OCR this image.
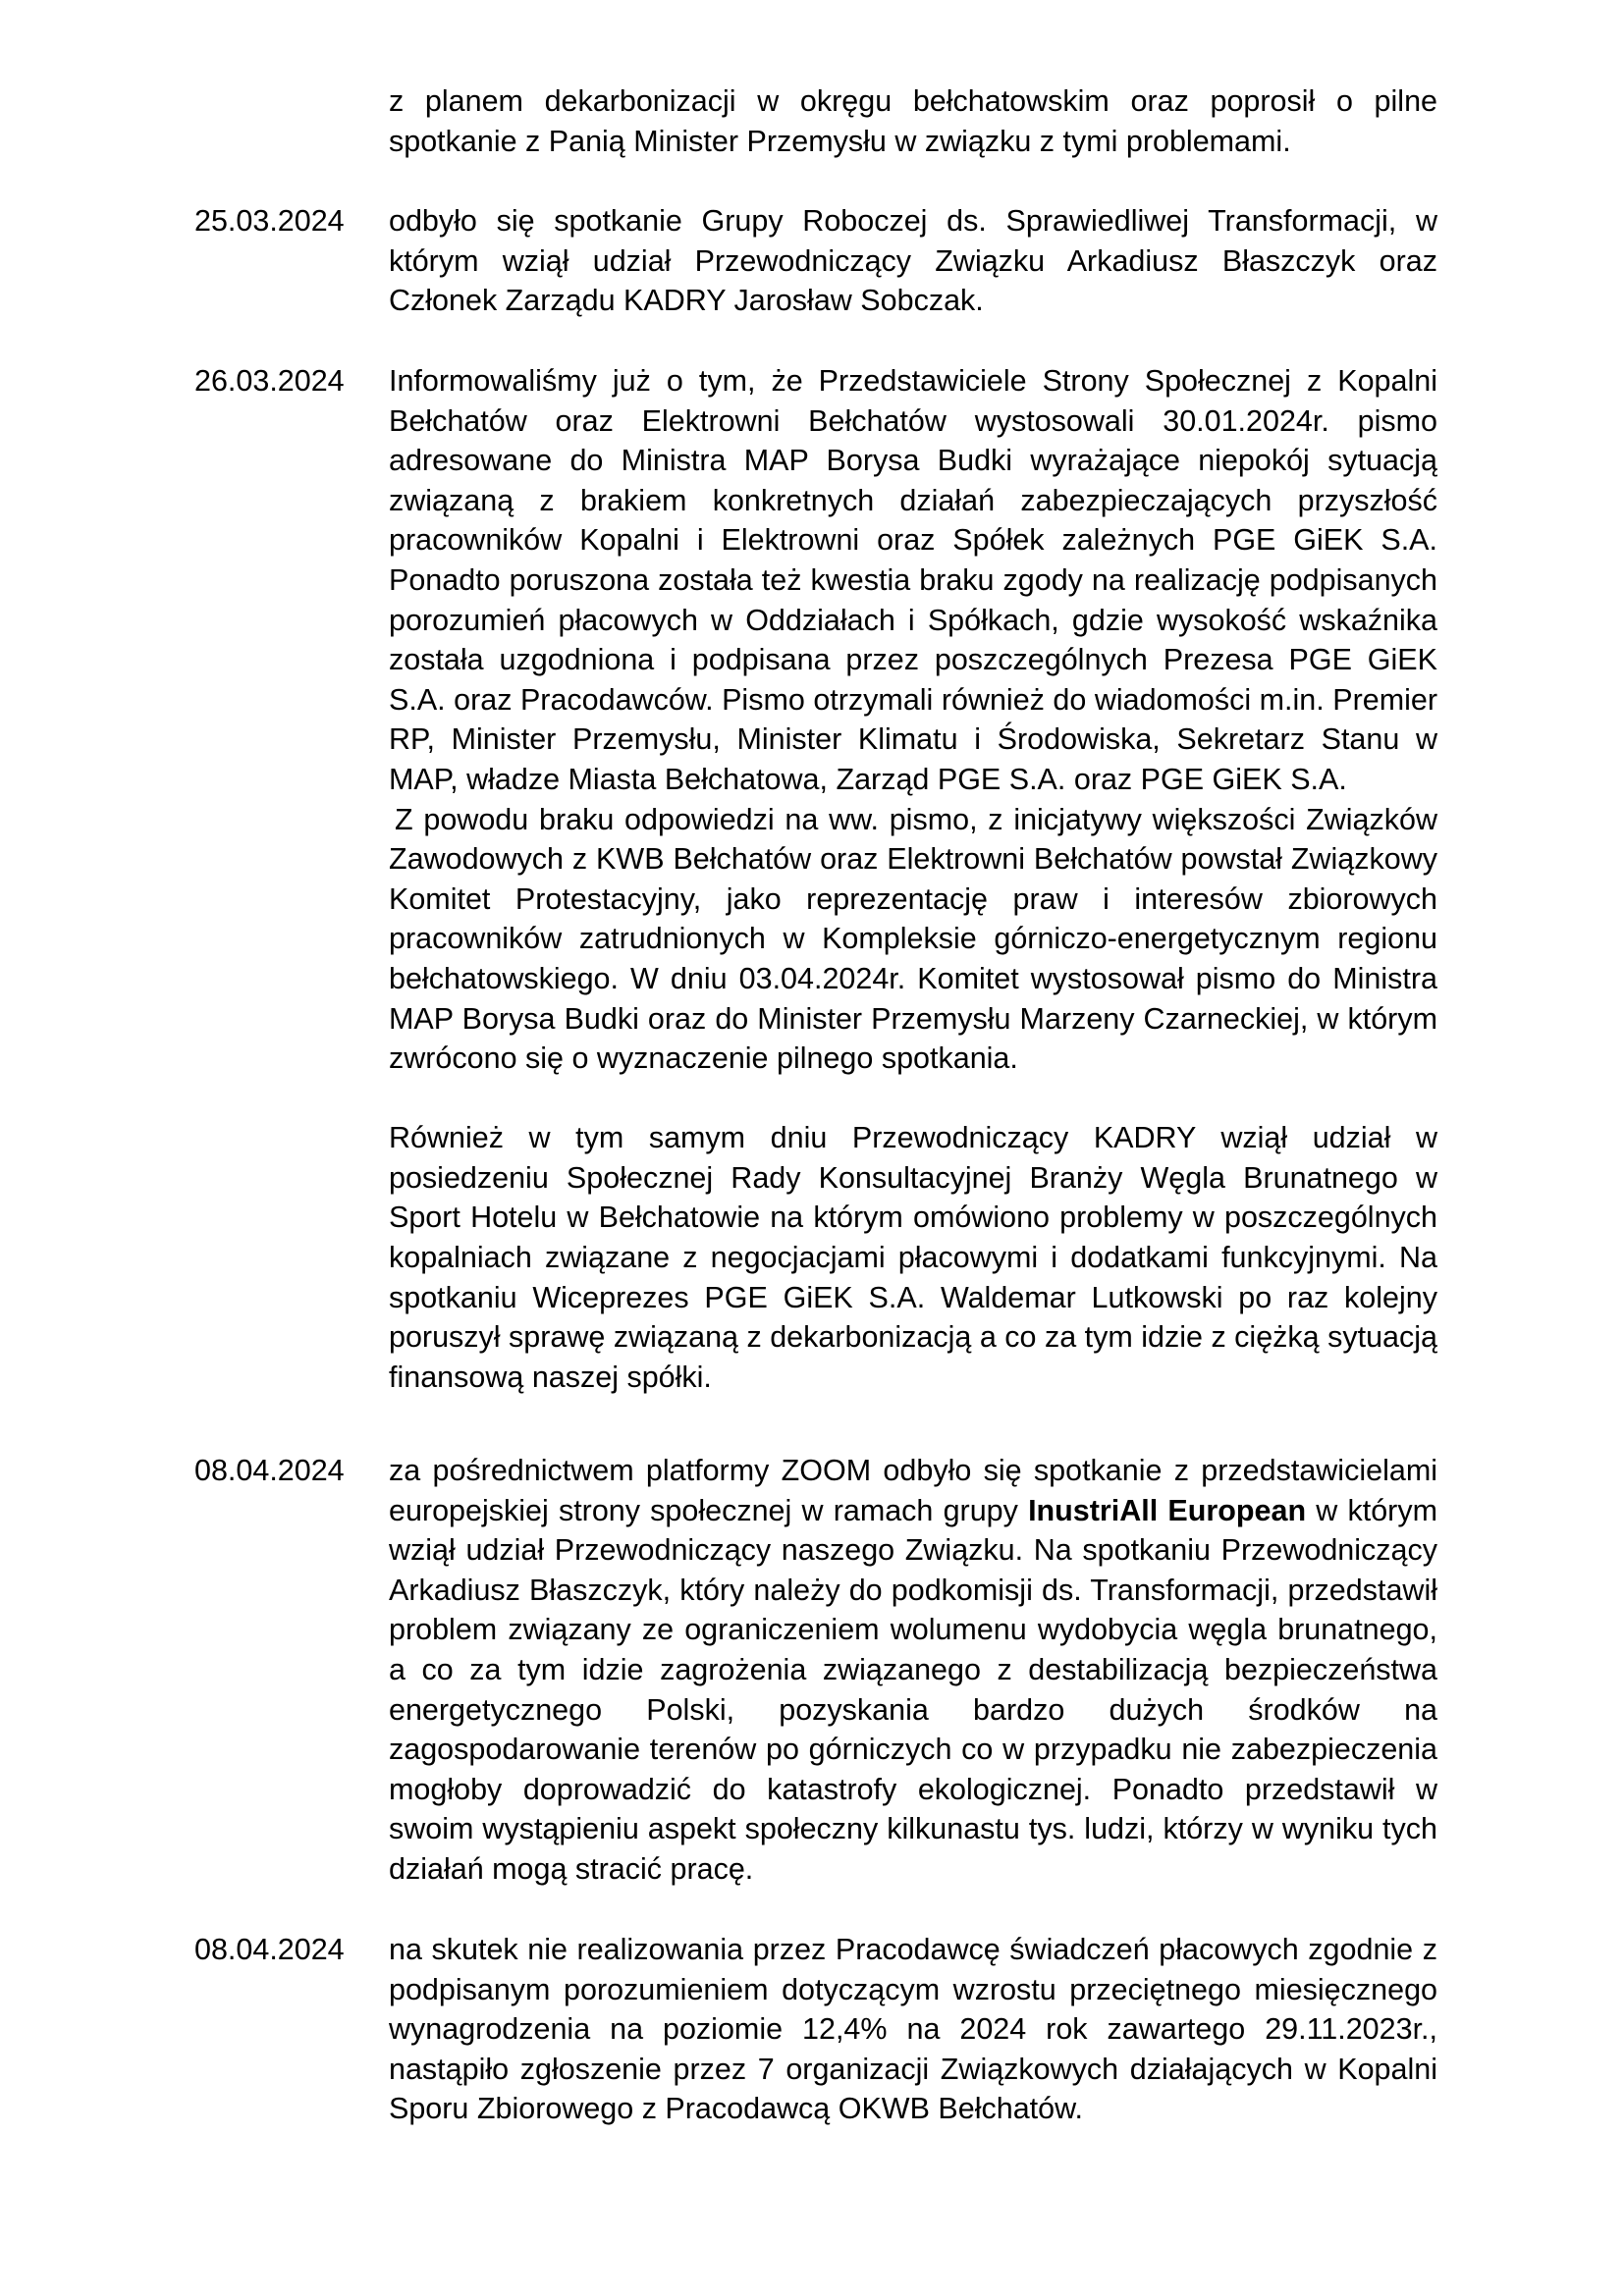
z planem dekarbonizacji w okręgu bełchatowskim oraz poprosił o pilne spotkanie z Panią Minister Przemysłu w związku z tymi problemami.

25.03.2024 odbyło się spotkanie Grupy Roboczej ds. Sprawiedliwej Transformacji, w którym wziął udział Przewodniczący Związku Arkadiusz Błaszczyk oraz Członek Zarządu KADRY Jarosław Sobczak.

26.03.2024 Informowaliśmy już o tym, że Przedstawiciele Strony Społecznej z Kopalni Bełchatów oraz Elektrowni Bełchatów wystosowali 30.01.2024r. pismo adresowane do Ministra MAP Borysa Budki wyrażające niepokój sytuacją związaną z brakiem konkretnych działań zabezpieczających przyszłość pracowników Kopalni i Elektrowni oraz Spółek zależnych PGE GiEK S.A. Ponadto poruszona została też kwestia braku zgody na realizację podpisanych porozumień płacowych w Oddziałach i Spółkach, gdzie wysokość wskaźnika została uzgodniona i podpisana przez poszczególnych Prezesa PGE GiEK S.A. oraz Pracodawców. Pismo otrzymali również do wiadomości m.in. Premier RP, Minister Przemysłu, Minister Klimatu i Środowiska, Sekretarz Stanu w MAP, władze Miasta Bełchatowa, Zarząd PGE S.A. oraz PGE GiEK S.A.

Z powodu braku odpowiedzi na ww. pismo, z inicjatywy większości Związków Zawodowych z KWB Bełchatów oraz Elektrowni Bełchatów powstał Związkowy Komitet Protestacyjny, jako reprezentację praw i interesów zbiorowych pracowników zatrudnionych w Kompleksie górniczo-energetycznym regionu bełchatowskiego. W dniu 03.04.2024r. Komitet wystosował pismo do Ministra MAP Borysa Budki oraz do Minister Przemysłu Marzeny Czarneckiej, w którym zwrócono się o wyznaczenie pilnego spotkania.

Również w tym samym dniu Przewodniczący KADRY wziął udział w posiedzeniu Społecznej Rady Konsultacyjnej Branży Węgla Brunatnego w Sport Hotelu w Bełchatowie na którym omówiono problemy w poszczególnych kopalniach związane z negocjacjami płacowymi i dodatkami funkcyjnymi. Na spotkaniu Wiceprezes PGE GiEK S.A. Waldemar Lutkowski po raz kolejny poruszył sprawę związaną z dekarbonizacją a co za tym idzie z ciężką sytuacją finansową naszej spółki.

08.04.2024 za pośrednictwem platformy ZOOM odbyło się spotkanie z przedstawicielami europejskiej strony społecznej w ramach grupy InustriAll European w którym wziął udział Przewodniczący naszego Związku. Na spotkaniu Przewodniczący Arkadiusz Błaszczyk, który należy do podkomisji ds. Transformacji, przedstawił problem związany ze ograniczeniem wolumenu wydobycia węgla brunatnego, a co za tym idzie zagrożenia związanego z destabilizacją bezpieczeństwa energetycznego Polski, pozyskania bardzo dużych środków na zagospodarowanie terenów po górniczych co w przypadku nie zabezpieczenia mogłoby doprowadzić do katastrofy ekologicznej. Ponadto przedstawił w swoim wystąpieniu aspekt społeczny kilkunastu tys. ludzi, którzy w wyniku tych działań mogą stracić pracę.

08.04.2024 na skutek nie realizowania przez Pracodawcę świadczeń płacowych zgodnie z podpisanym porozumieniem dotyczącym wzrostu przeciętnego miesięcznego wynagrodzenia na poziomie 12,4% na 2024 rok zawartego 29.11.2023r., nastąpiło zgłoszenie przez 7 organizacji Związkowych działających w Kopalni Sporu Zbiorowego z Pracodawcą OKWB Bełchatów.
